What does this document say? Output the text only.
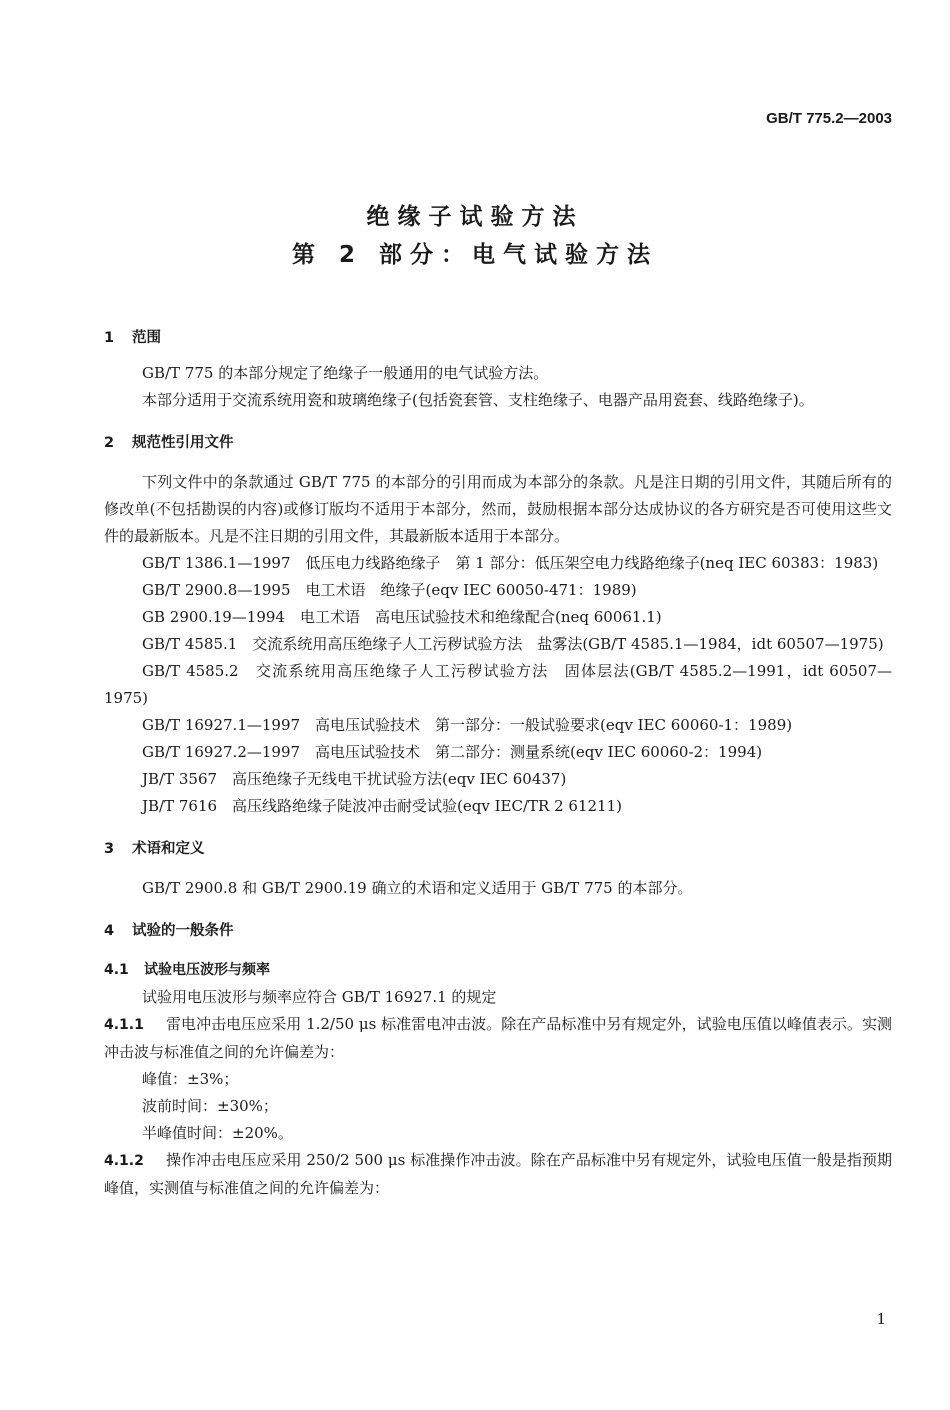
GB/T 775.2—2003
绝缘子试验方法
第 2 部分：电气试验方法
1 范围

GB/T 775 的本部分规定了绝缘子一般通用的电气试验方法。

本部分适用于交流系统用瓷和玻璃绝缘子(包括瓷套管、支柱绝缘子、电器产品用瓷套、线路绝缘子)。

2 规范性引用文件

下列文件中的条款通过 GB/T 775 的本部分的引用而成为本部分的条款。凡是注日期的引用文件，其随后所有的修改单(不包括勘误的内容)或修订版均不适用于本部分，然而，鼓励根据本部分达成协议的各方研究是否可使用这些文件的最新版本。凡是不注日期的引用文件，其最新版本适用于本部分。

GB/T 1386.1—1997　低压电力线路绝缘子　第 1 部分：低压架空电力线路绝缘子(neq IEC 60383：1983)

GB/T 2900.8—1995　电工术语　绝缘子(eqv IEC 60050-471：1989)

GB 2900.19—1994　电工术语　高电压试验技术和绝缘配合(neq 60061.1)

GB/T 4585.1　交流系统用高压绝缘子人工污秽试验方法　盐雾法(GB/T 4585.1—1984，idt 60507—1975)

GB/T 4585.2　交流系统用高压绝缘子人工污秽试验方法　固体层法(GB/T 4585.2—1991，idt 60507—1975)

GB/T 16927.1—1997　高电压试验技术　第一部分：一般试验要求(eqv IEC 60060-1：1989)

GB/T 16927.2—1997　高电压试验技术　第二部分：测量系统(eqv IEC 60060-2：1994)

JB/T 3567　高压绝缘子无线电干扰试验方法(eqv IEC 60437)

JB/T 7616　高压线路绝缘子陡波冲击耐受试验(eqv IEC/TR 2 61211)

3 术语和定义

GB/T 2900.8 和 GB/T 2900.19 确立的术语和定义适用于 GB/T 775 的本部分。

4 试验的一般条件
4.1 试验电压波形与频率

试验用电压波形与频率应符合 GB/T 16927.1 的规定

4.1.1 雷电冲击电压应采用 1.2/50 μs 标准雷电冲击波。除在产品标准中另有规定外，试验电压值以峰值表示。实测冲击波与标准值之间的允许偏差为：

峰值：±3%；

波前时间：±30%；

半峰值时间：±20%。

4.1.2 操作冲击电压应采用 250/2 500 μs 标准操作冲击波。除在产品标准中另有规定外，试验电压值一般是指预期峰值，实测值与标准值之间的允许偏差为：

1
